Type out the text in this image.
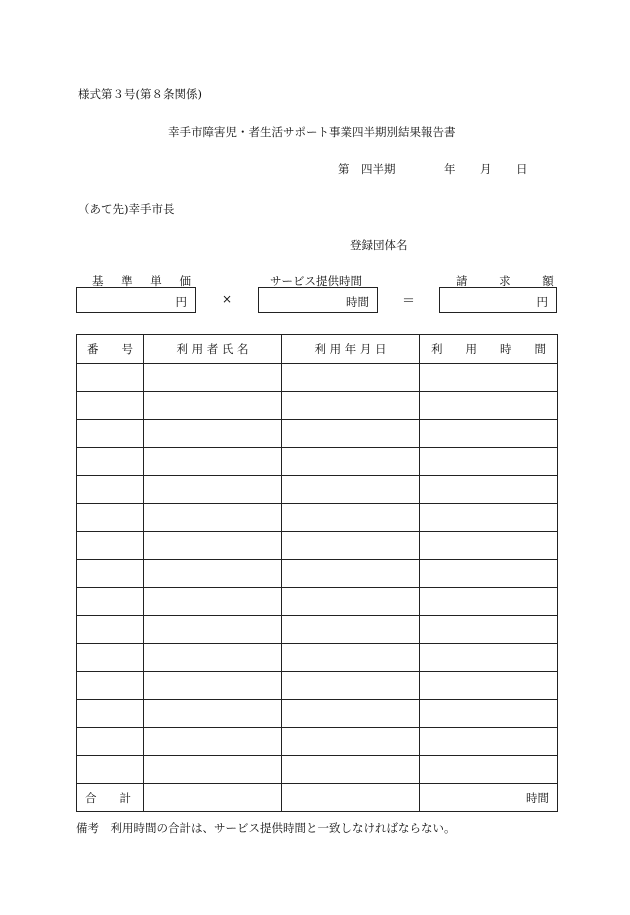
様式第３号(第８条関係)
幸手市障害児・者生活サポート事業四半期別結果報告書
第　四半期	年 月 日
（あて先)幸手市長
登録団体名
基 準 単 価	サービス提供時間	請 求 額
円	×	時間	＝	円
番　　号	利 用 者 氏 名	利 用 年 月 日	利　　用　　時　　間

合　　計			時間
備考　利用時間の合計は、サービス提供時間と一致しなければならない。
